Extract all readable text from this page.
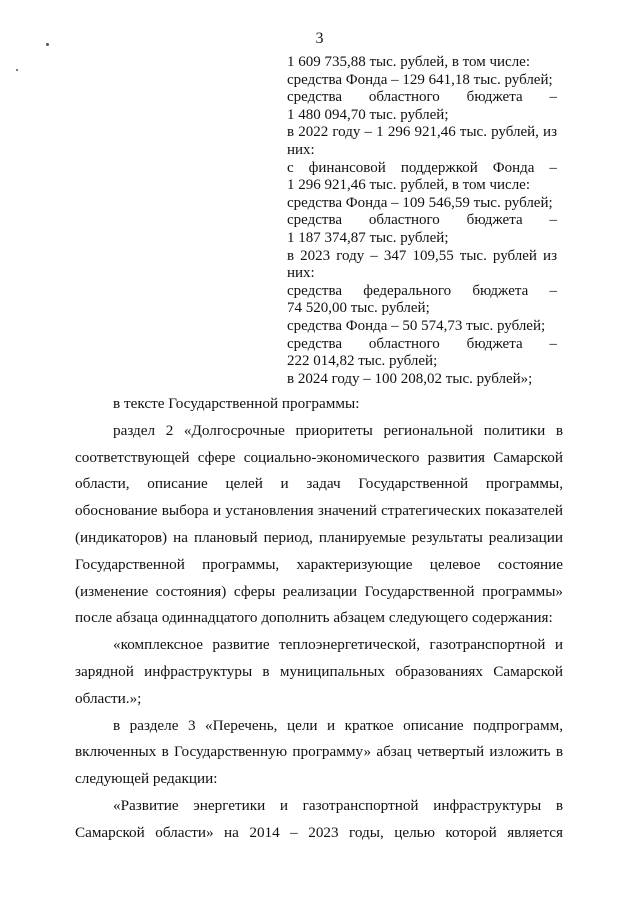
3
1 609 735,88 тыс. рублей, в том числе:
средства Фонда – 129 641,18 тыс. рублей;
средства областного бюджета –
1 480 094,70 тыс. рублей;
в 2022 году – 1 296 921,46 тыс. рублей, из
них:
с финансовой поддержкой Фонда –
1 296 921,46 тыс. рублей, в том числе:
средства Фонда – 109 546,59 тыс. рублей;
средства областного бюджета –
1 187 374,87 тыс. рублей;
в 2023 году – 347 109,55 тыс. рублей из
них:
средства федерального бюджета –
74 520,00 тыс. рублей;
средства Фонда – 50 574,73 тыс. рублей;
средства областного бюджета –
222 014,82 тыс. рублей;
в 2024 году – 100 208,02 тыс. рублей»;
в тексте Государственной программы:
раздел 2 «Долгосрочные приоритеты региональной политики в
соответствующей сфере социально-экономического развития Самарской
области, описание целей и задач Государственной программы,
обоснование выбора и установления значений стратегических показателей
(индикаторов) на плановый период, планируемые результаты реализации
Государственной программы, характеризующие целевое состояние
(изменение состояния) сферы реализации Государственной программы»
после абзаца одиннадцатого дополнить абзацем следующего содержания:
«комплексное развитие теплоэнергетической, газотранспортной и
зарядной инфраструктуры в муниципальных образованиях Самарской
области.»;
в разделе 3 «Перечень, цели и краткое описание подпрограмм,
включенных в Государственную программу» абзац четвертый изложить в
следующей редакции:
«Развитие энергетики и газотранспортной инфраструктуры в
Самарской области» на 2014 – 2023 годы, целью которой является
